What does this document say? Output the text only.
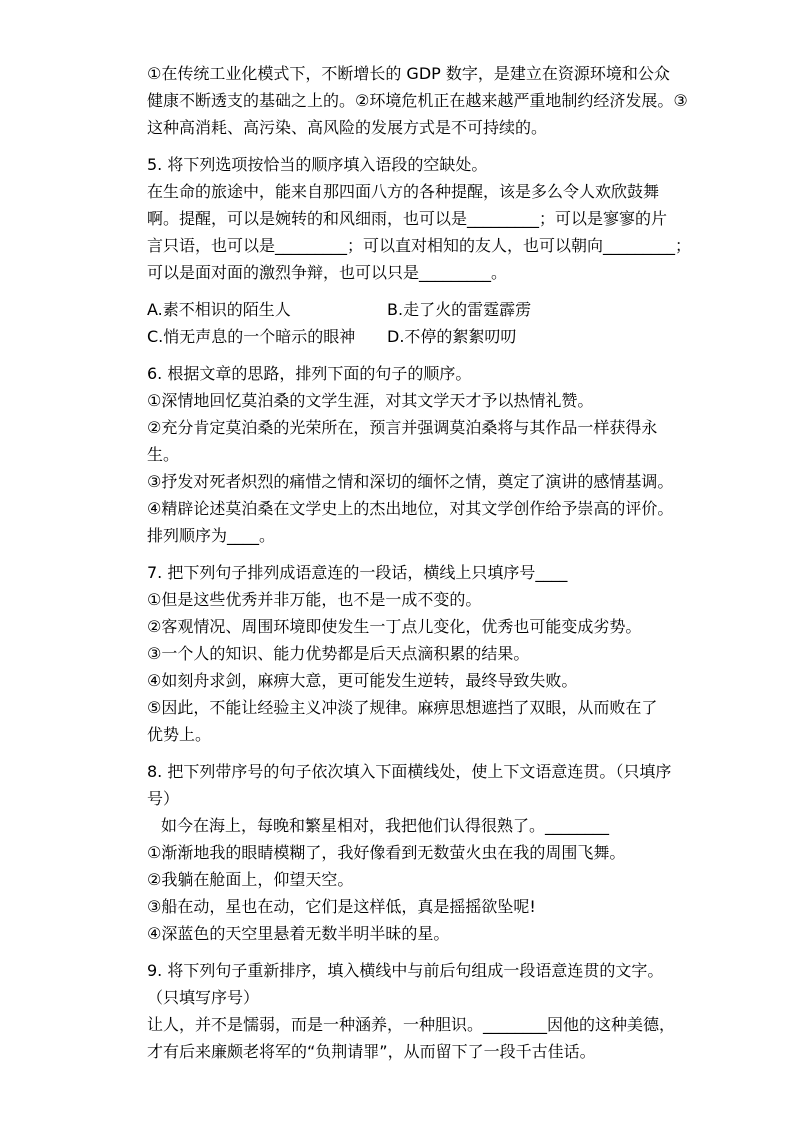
①在传统工业化模式下，不断增长的 GDP 数字，是建立在资源环境和公众
健康不断透支的基础之上的。②环境危机正在越来越严重地制约经济发展。③
这种高消耗、高污染、高风险的发展方式是不可持续的。
5. 将下列选项按恰当的顺序填入语段的空缺处。
在生命的旅途中，能来自那四面八方的各种提醒，该是多么令人欢欣鼓舞
啊。提醒，可以是婉转的和风细雨，也可以是_________；可以是寥寥的片
言只语，也可以是_________；可以直对相知的友人，也可以朝向_________；
可以是面对面的激烈争辩，也可以只是_________。
A.素不相识的陌生人	B.走了火的雷霆霹雳
C.悄无声息的一个暗示的眼神	D.不停的絮絮叨叨
6. 根据文章的思路，排列下面的句子的顺序。
①深情地回忆莫泊桑的文学生涯，对其文学天才予以热情礼赞。
②充分肯定莫泊桑的光荣所在，预言并强调莫泊桑将与其作品一样获得永
生。
③抒发对死者炽烈的痛惜之情和深切的缅怀之情，奠定了演讲的感情基调。
④精辟论述莫泊桑在文学史上的杰出地位，对其文学创作给予崇高的评价。
排列顺序为____。
7. 把下列句子排列成语意连的一段话，横线上只填序号____
①但是这些优秀并非万能，也不是一成不变的。
②客观情况、周围环境即使发生一丁点儿变化，优秀也可能变成劣势。
③一个人的知识、能力优势都是后天点滴积累的结果。
④如刻舟求剑，麻痹大意，更可能发生逆转，最终导致失败。
⑤因此，不能让经验主义冲淡了规律。麻痹思想遮挡了双眼，从而败在了
优势上。
8. 把下列带序号的句子依次填入下面横线处，使上下文语意连贯。（只填序
号）
如今在海上，每晚和繁星相对，我把他们认得很熟了。________
①渐渐地我的眼睛模糊了，我好像看到无数萤火虫在我的周围飞舞。
②我躺在舱面上，仰望天空。
③船在动，星也在动，它们是这样低，真是摇摇欲坠呢!
④深蓝色的天空里悬着无数半明半昧的星。
9. 将下列句子重新排序，填入横线中与前后句组成一段语意连贯的文字。
（只填写序号）
让人，并不是懦弱，而是一种涵养，一种胆识。________因他的这种美德，
才有后来廉颇老将军的“负荆请罪”，从而留下了一段千古佳话。
